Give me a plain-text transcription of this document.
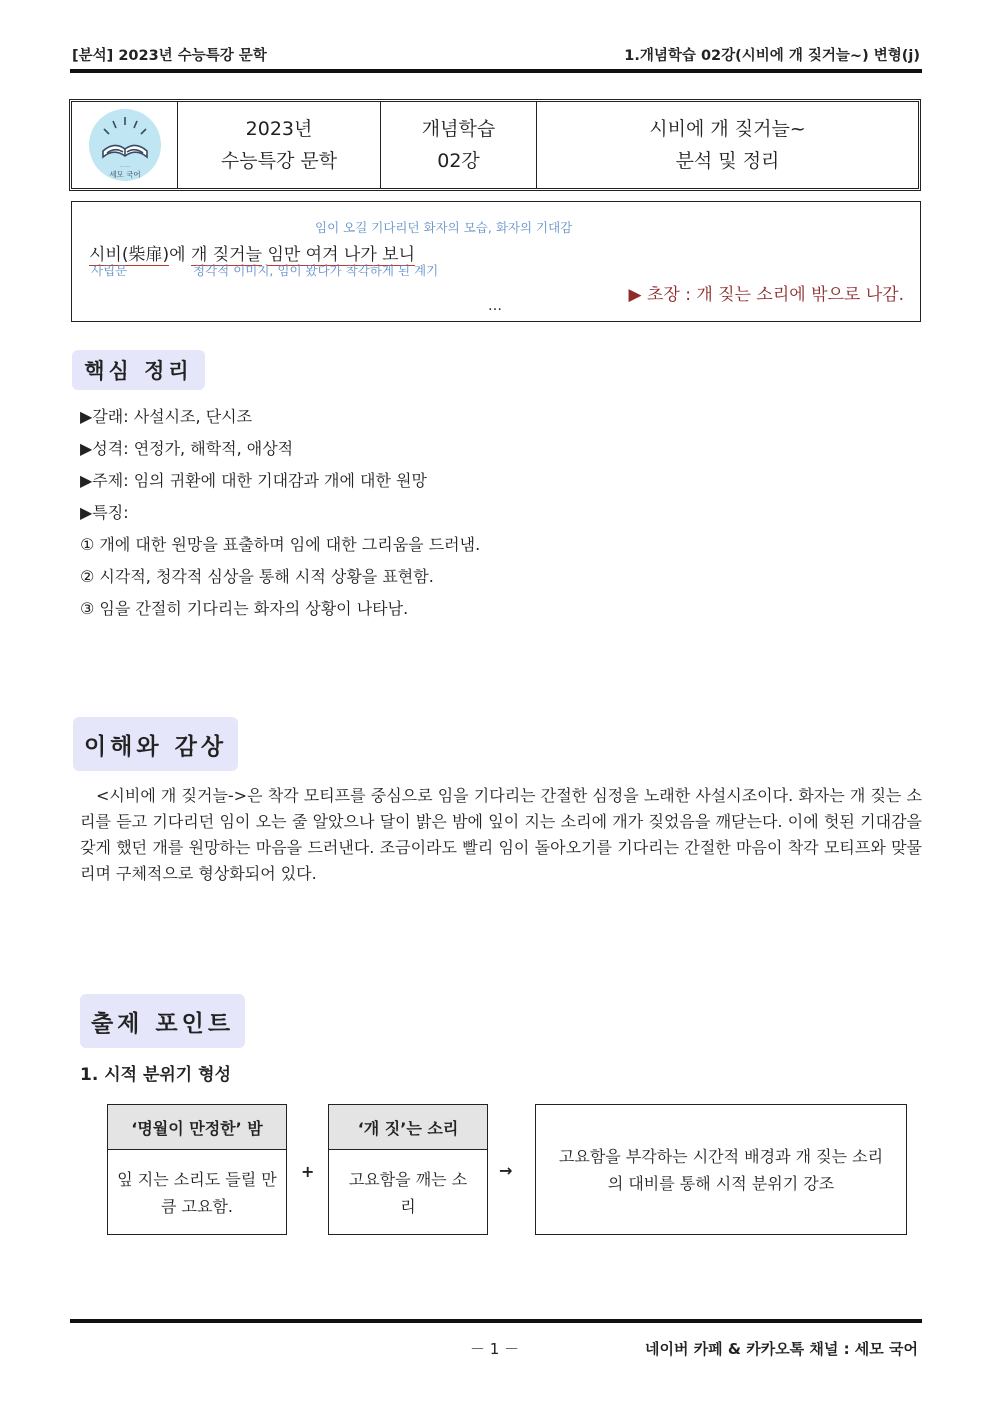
[분석] 2023년 수능특강 문학	1.개념학습 02강(시비에 개 짖거늘~) 변형(j)
······
세모 국어
2023년
수능특강 문학
개념학습
02강
시비에 개 짖거늘~
분석 및 정리
임이 오길 기다리던 화자의 모습, 화자의 기대감
시비(柴扉)에 개 짖거늘 임만 여겨 나가 보니
사립문	청각적 이미지, 임이 왔다가 착각하게 된 계기
▶ 초장 : 개 짖는 소리에 밖으로 나감.
…
핵심 정리
▶갈래: 사설시조, 단시조
▶성격: 연정가, 해학적, 애상적
▶주제: 임의 귀환에 대한 기대감과 개에 대한 원망
▶특징:
① 개에 대한 원망을 표출하며 임에 대한 그리움을 드러냄.
② 시각적, 청각적 심상을 통해 시적 상황을 표현함.
③ 임을 간절히 기다리는 화자의 상황이 나타남.
이해와 감상
<시비에 개 짖거늘->은 착각 모티프를 중심으로 임을 기다리는 간절한 심정을 노래한 사설시조이다. 화자는 개 짖는 소리를 듣고 기다리던 임이 오는 줄 알았으나 달이 밝은 밤에 잎이 지는 소리에 개가 짖었음을 깨닫는다. 이에 헛된 기대감을 갖게 했던 개를 원망하는 마음을 드러낸다. 조금이라도 빨리 임이 돌아오기를 기다리는 간절한 마음이 착각 모티프와 맞물리며 구체적으로 형상화되어 있다.
출제 포인트
1. 시적 분위기 형성
‘명월이 만정한’ 밤
잎 지는 소리도 들릴 만큼 고요함.
+
‘개 짓’는 소리
고요함을 깨는 소리
→
고요함을 부각하는 시간적 배경과 개 짖는 소리의 대비를 통해 시적 분위기 강조
－ 1 －	네이버 카페 & 카카오톡 채널 : 세모 국어
